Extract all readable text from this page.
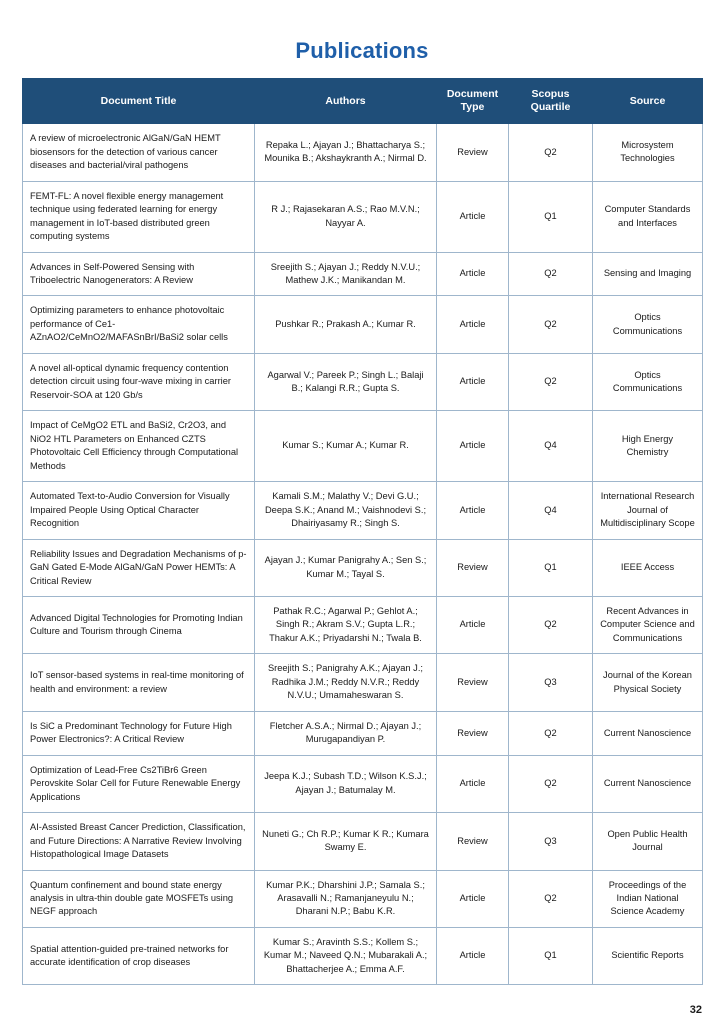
Publications
Document Title	Authors	Document Type	Scopus Quartile	Source
A review of microelectronic AlGaN/GaN HEMT biosensors for the detection of various cancer diseases and bacterial/viral pathogens	Repaka L.; Ajayan J.; Bhattacharya S.; Mounika B.; Akshaykranth A.; Nirmal D.	Review	Q2	Microsystem Technologies
FEMT-FL: A novel flexible energy management technique using federated learning for energy management in IoT-based distributed green computing systems	R J.; Rajasekaran A.S.; Rao M.V.N.; Nayyar A.	Article	Q1	Computer Standards and Interfaces
Advances in Self-Powered Sensing with Triboelectric Nanogenerators: A Review	Sreejith S.; Ajayan J.; Reddy N.V.U.; Mathew J.K.; Manikandan M.	Article	Q2	Sensing and Imaging
Optimizing parameters to enhance photovoltaic performance of Ce1-AZnAO2/CeMnO2/MAFASnBrI/BaSi2 solar cells	Pushkar R.; Prakash A.; Kumar R.	Article	Q2	Optics Communications
A novel all-optical dynamic frequency contention detection circuit using four-wave mixing in carrier Reservoir-SOA at 120 Gb/s	Agarwal V.; Pareek P.; Singh L.; Balaji B.; Kalangi R.R.; Gupta S.	Article	Q2	Optics Communications
Impact of CeMgO2 ETL and BaSi2, Cr2O3, and NiO2 HTL Parameters on Enhanced CZTS Photovoltaic Cell Efficiency through Computational Methods	Kumar S.; Kumar A.; Kumar R.	Article	Q4	High Energy Chemistry
Automated Text-to-Audio Conversion for Visually Impaired People Using Optical Character Recognition	Kamali S.M.; Malathy V.; Devi G.U.; Deepa S.K.; Anand M.; Vaishnodevi S.; Dhairiyasamy R.; Singh S.	Article	Q4	International Research Journal of Multidisciplinary Scope
Reliability Issues and Degradation Mechanisms of p-GaN Gated E-Mode AlGaN/GaN Power HEMTs: A Critical Review	Ajayan J.; Kumar Panigrahy A.; Sen S.; Kumar M.; Tayal S.	Review	Q1	IEEE Access
Advanced Digital Technologies for Promoting Indian Culture and Tourism through Cinema	Pathak R.C.; Agarwal P.; Gehlot A.; Singh R.; Akram S.V.; Gupta L.R.; Thakur A.K.; Priyadarshi N.; Twala B.	Article	Q2	Recent Advances in Computer Science and Communications
IoT sensor-based systems in real-time monitoring of health and environment: a review	Sreejith S.; Panigrahy A.K.; Ajayan J.; Radhika J.M.; Reddy N.V.R.; Reddy N.V.U.; Umamaheswaran S.	Review	Q3	Journal of the Korean Physical Society
Is SiC a Predominant Technology for Future High Power Electronics?: A Critical Review	Fletcher A.S.A.; Nirmal D.; Ajayan J.; Murugapandiyan P.	Review	Q2	Current Nanoscience
Optimization of Lead-Free Cs2TiBr6 Green Perovskite Solar Cell for Future Renewable Energy Applications	Jeepa K.J.; Subash T.D.; Wilson K.S.J.; Ajayan J.; Batumalay M.	Article	Q2	Current Nanoscience
AI-Assisted Breast Cancer Prediction, Classification, and Future Directions: A Narrative Review Involving Histopathological Image Datasets	Nuneti G.; Ch R.P.; Kumar K R.; Kumara Swamy E.	Review	Q3	Open Public Health Journal
Quantum confinement and bound state energy analysis in ultra-thin double gate MOSFETs using NEGF approach	Kumar P.K.; Dharshini J.P.; Samala S.; Arasavalli N.; Ramanjaneyulu N.; Dharani N.P.; Babu K.R.	Article	Q2	Proceedings of the Indian National Science Academy
Spatial attention-guided pre-trained networks for accurate identification of crop diseases	Kumar S.; Aravinth S.S.; Kollem S.; Kumar M.; Naveed Q.N.; Mubarakali A.; Bhattacherjee A.; Emma A.F.	Article	Q1	Scientific Reports
32
